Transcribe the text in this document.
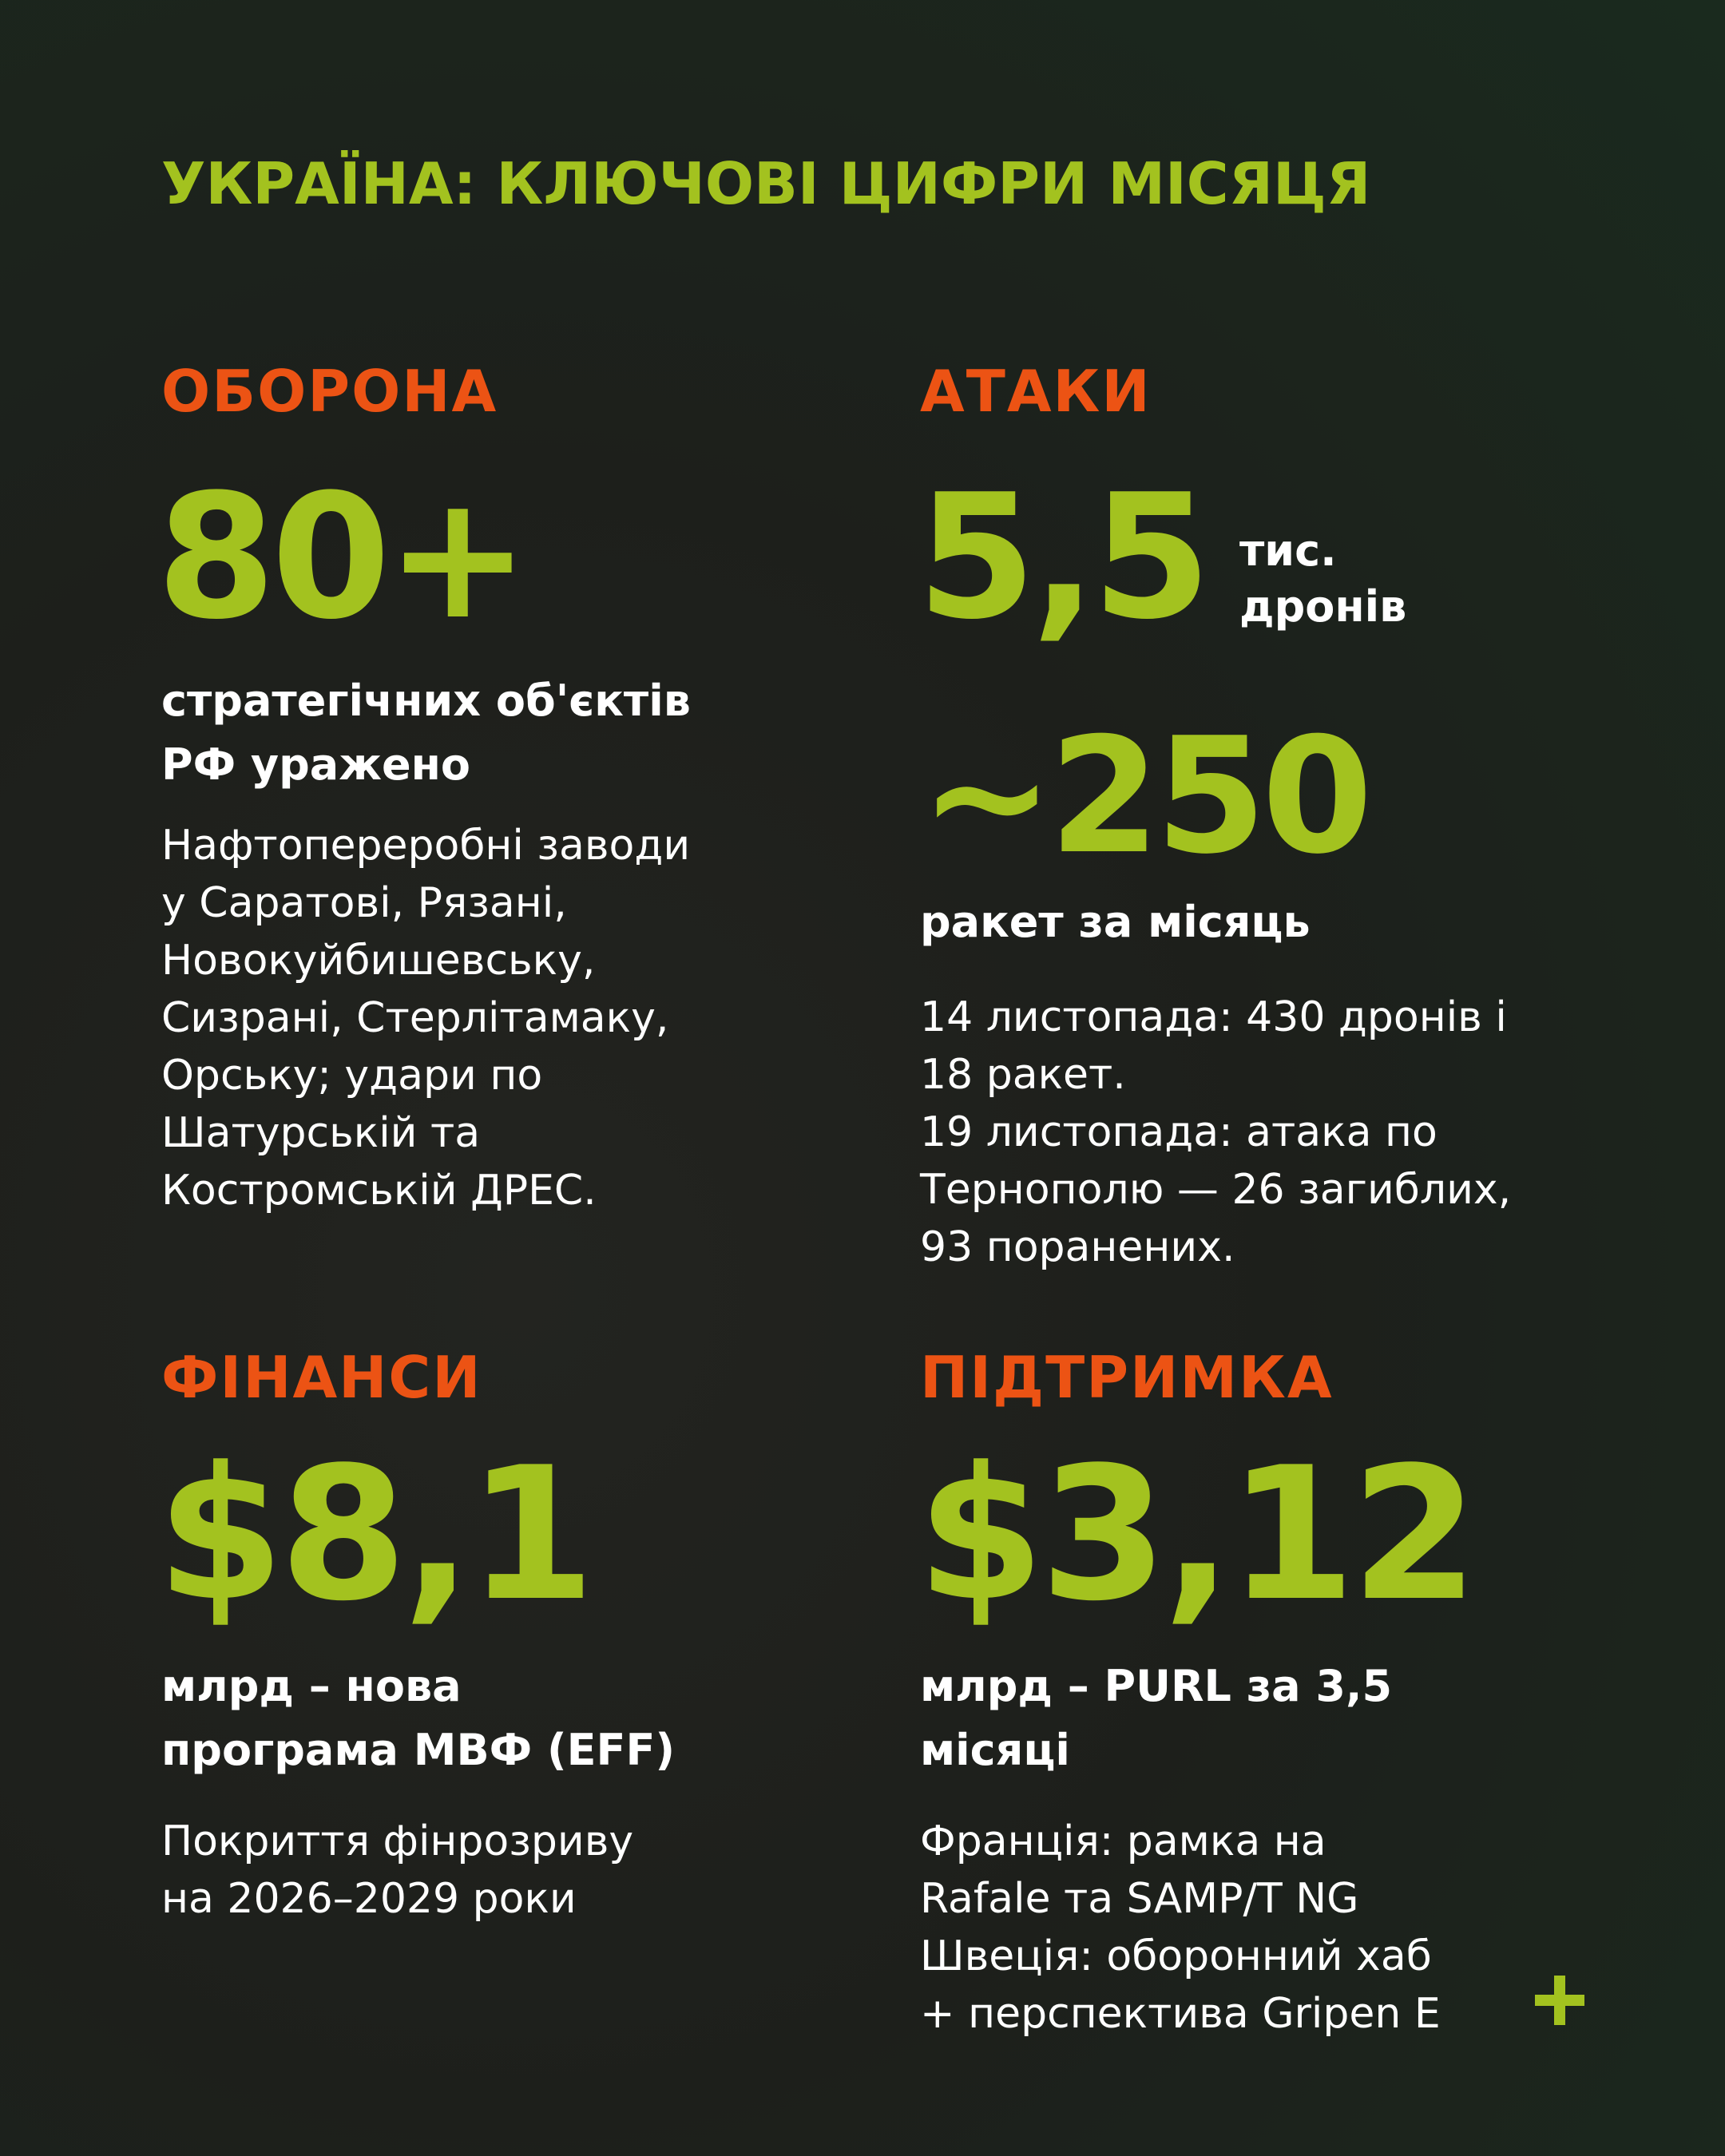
УКРАЇНА: КЛЮЧОВІ ЦИФРИ МІСЯЦЯ
ОБОРОНА
80+
стратегічних об'єктів
РФ уражено
Нафтопереробні заводи
у Саратові, Рязані,
Новокуйбишевську,
Сизрані, Стерлітамаку,
Орську; удари по
Шатурській та
Костромській ДРЕС.
АТАКИ
5,5 тис.
дронів
~250
ракет за місяць
14 листопада: 430 дронів і
18 ракет.
19 листопада: атака по
Тернополю — 26 загиблих,
93 поранених.
ФІНАНСИ
$8,1
млрд – нова
програма МВФ (EFF)
Покриття фінрозриву
на 2026–2029 роки
ПІДТРИМКА
$3,12
млрд – PURL за 3,5
місяці
Франція: рамка на
Rafale та SAMP/T NG
Швеція: оборонний хаб
+ перспектива Gripen E
